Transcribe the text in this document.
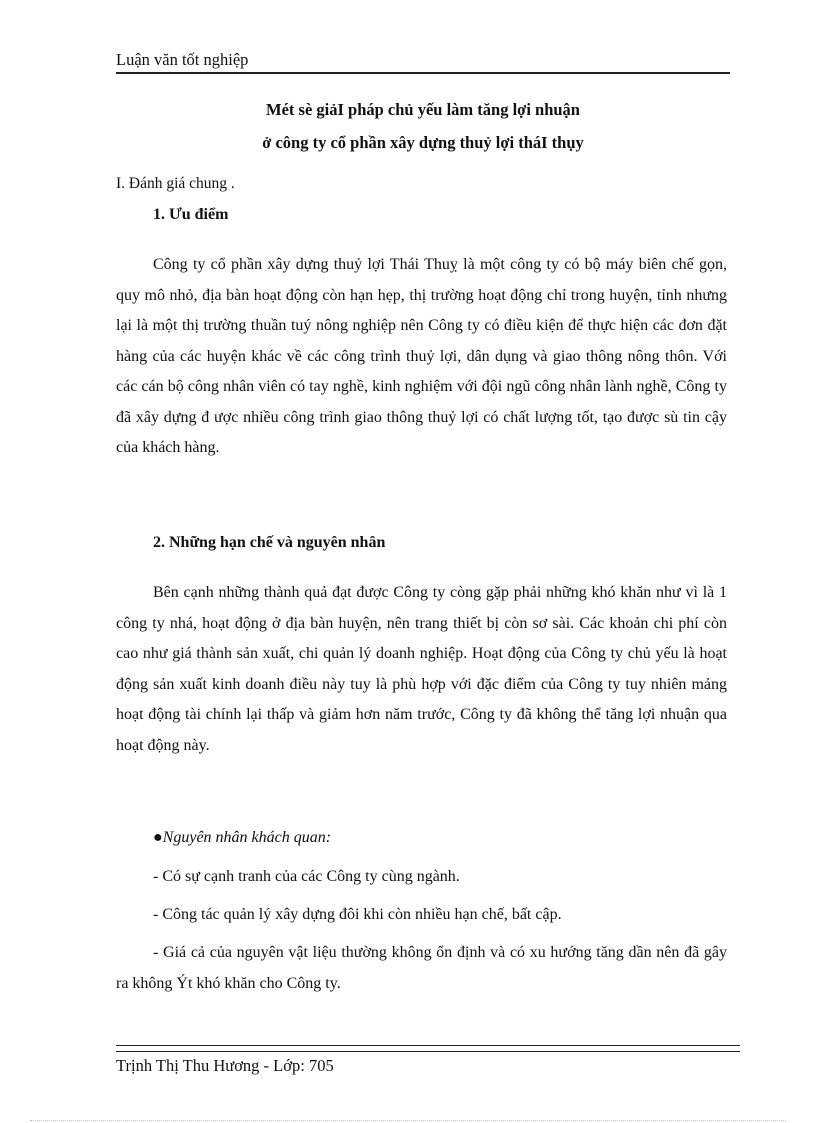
Luận văn tốt nghiệp
Mét sè giảI pháp chủ yếu làm tăng lợi nhuận
ở công ty cổ phần xây dựng thuỷ lợi tháI thụy
I. Đánh giá chung .
1. Ưu điểm
Công ty cổ phần xây dựng thuỷ lợi Thái Thuỵ là một công ty có bộ máy biên chế gọn, quy mô nhỏ, địa bàn hoạt động còn hạn hẹp, thị trường hoạt động chỉ trong huyện, tỉnh nhưng lại là một thị trường thuần tuý nông nghiệp nên Công ty có điều kiện để thực hiện các đơn đặt hàng của các huyện khác về các công trình thuỷ lợi, dân dụng và giao thông nông thôn. Với các cán bộ công nhân viên có tay nghề, kinh nghiệm với đội ngũ công nhân lành nghề, Công ty đã xây dựng đ ược nhiều công trình giao thông thuỷ lợi có chất lượng tốt, tạo được sù tin cậy của khách hàng.
2. Những hạn chế và nguyên nhân
Bên cạnh những thành quả đạt được Công ty còng gặp phải những khó khăn như vì là 1 công ty nhá, hoạt động ở địa bàn huyện, nên trang thiết bị còn sơ sài. Các khoản chi phí còn cao như giá thành sản xuất, chi quản lý doanh nghiệp. Hoạt động của Công ty chủ yếu là hoạt động sản xuất kinh doanh điều này tuy là phù hợp với đặc điểm của Công ty tuy nhiên mảng hoạt động tài chính lại thấp và giảm hơn năm trước, Công ty đã không thể tăng lợi nhuận qua hoạt động này.
●Nguyên nhân khách quan:
- Có sự cạnh tranh của các Công ty cùng ngành.
- Công tác quản lý xây dựng đôi khi còn nhiều hạn chế, bất cập.
- Giá cả của nguyên vật liệu thường không ổn định và có xu hướng tăng dần nên đã gây ra không Ýt khó khăn cho Công ty.
Trịnh Thị Thu Hương - Lớp: 705
